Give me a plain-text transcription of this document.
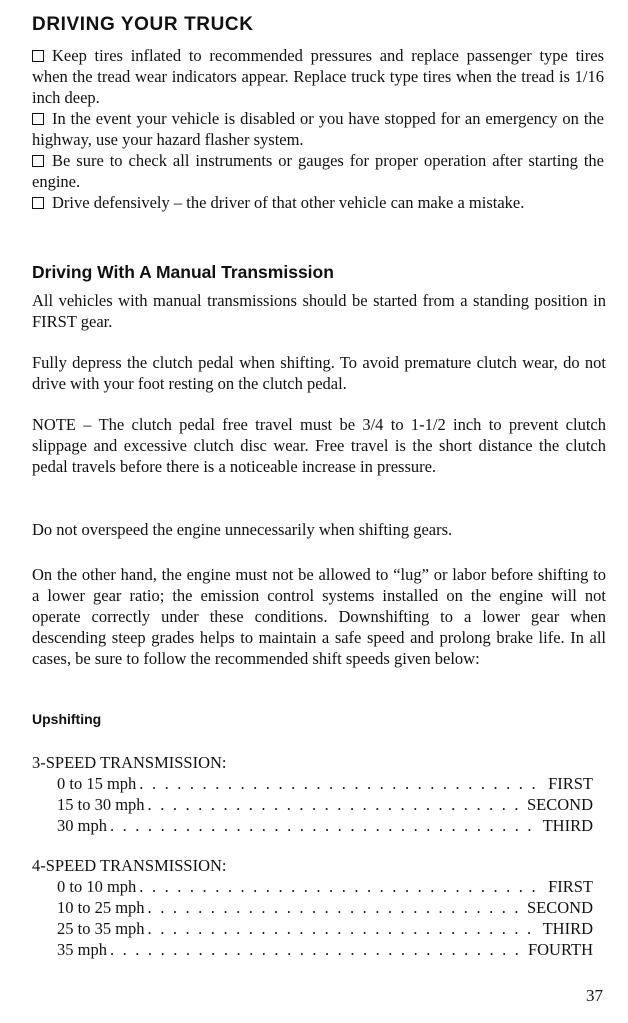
DRIVING YOUR TRUCK
Keep tires inflated to recommended pressures and replace passenger type tires when the tread wear indicators appear. Replace truck type tires when the tread is 1/16 inch deep.
In the event your vehicle is disabled or you have stopped for an emergency on the highway, use your hazard flasher system.
Be sure to check all instruments or gauges for proper operation after starting the engine.
Drive defensively – the driver of that other vehicle can make a mistake.
Driving With A Manual Transmission
All vehicles with manual transmissions should be started from a standing position in FIRST gear.
Fully depress the clutch pedal when shifting. To avoid premature clutch wear, do not drive with your foot resting on the clutch pedal.
NOTE – The clutch pedal free travel must be 3/4 to 1-1/2 inch to prevent clutch slippage and excessive clutch disc wear. Free travel is the short distance the clutch pedal travels before there is a noticeable increase in pressure.
Do not overspeed the engine unnecessarily when shifting gears.
On the other hand, the engine must not be allowed to “lug” or labor before shifting to a lower gear ratio; the emission control systems installed on the engine will not operate correctly under these conditions. Downshifting to a lower gear when descending steep grades helps to maintain a safe speed and prolong brake life. In all cases, be sure to follow the recommended shift speeds given below:
Upshifting
3-SPEED TRANSMISSION:
0 to 15 mph . . .	FIRST
15 to 30 mph . . .	SECOND
30 mph . . .	THIRD
4-SPEED TRANSMISSION:
0 to 10 mph . . .	FIRST
10 to 25 mph . . .	SECOND
25 to 35 mph . . .	THIRD
35 mph . . .	FOURTH
37
